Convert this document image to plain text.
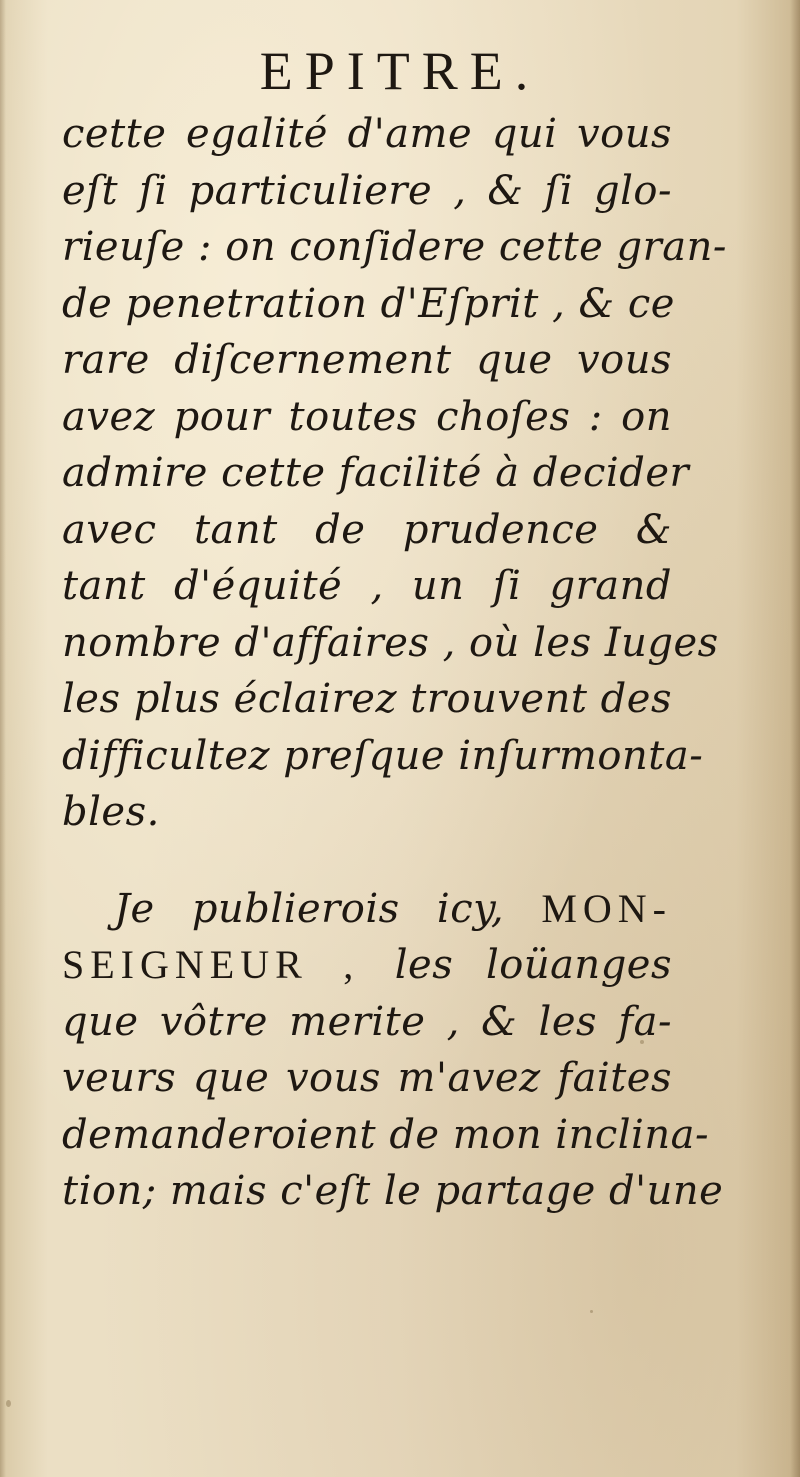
EPITRE.
cette egalité d'ame qui vous
eſt ſi particuliere , & ſi glo-
rieuſe : on conſidere cette gran-
de penetration d'Eſprit , & ce
rare diſcernement que vous
avez pour toutes choſes : on
admire cette facilité à decider
avec tant de prudence &
tant d'équité , un ſi grand
nombre d'affaires , où les Iuges
les plus éclairez trouvent des
difficultez preſque inſurmonta-
bles.
Je publierois icy, MON-
SEIGNEUR , les loüanges
que vôtre merite , & les fa-
veurs que vous m'avez faites
demanderoient de mon inclina-
tion; mais c'eſt le partage d'une
